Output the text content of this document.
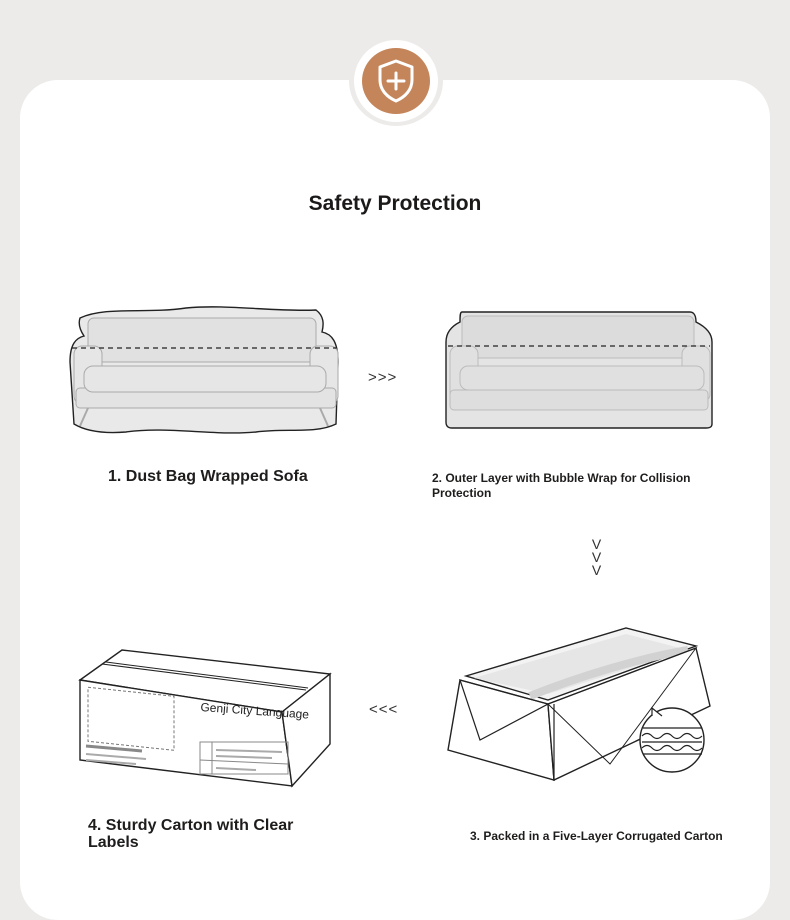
Safety Protection
>>>
V
V
V
<<<
Genji City Language
1. Dust Bag Wrapped Sofa	2. Outer Layer with Bubble Wrap for Collision Protection
3. Packed in a Five-Layer Corrugated Carton
4. Sturdy Carton with Clear Labels
